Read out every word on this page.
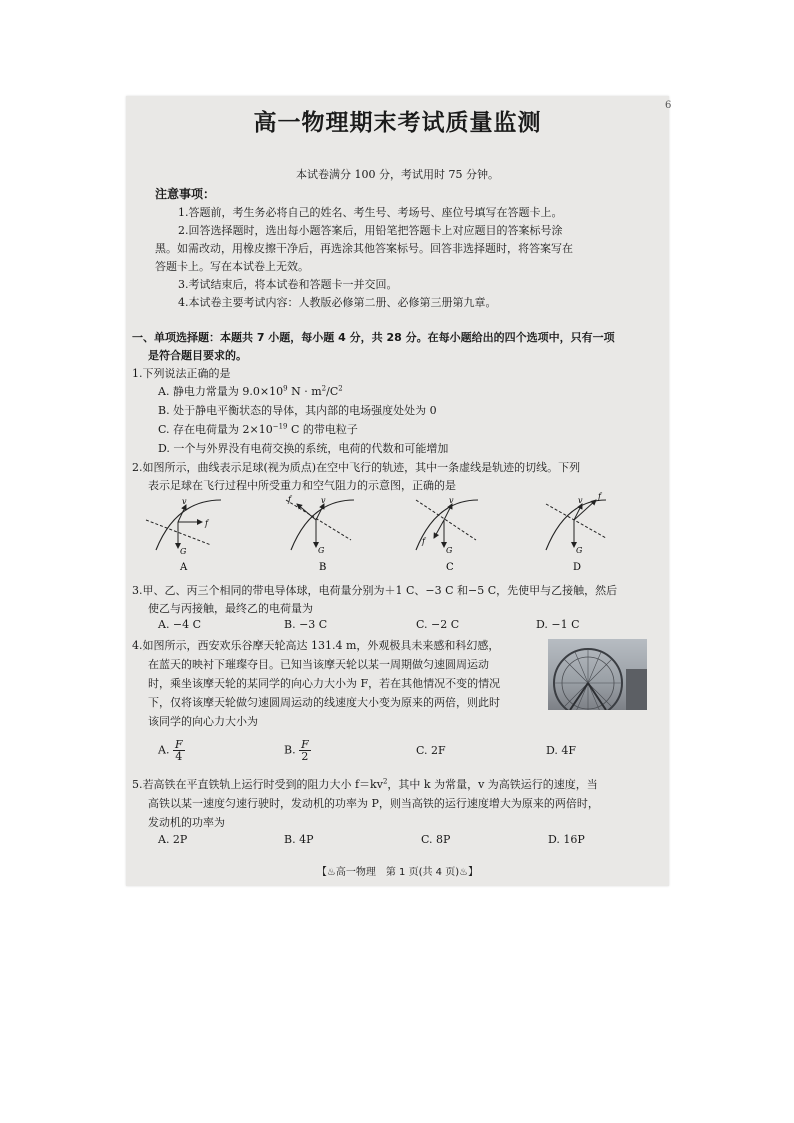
6
高一物理期末考试质量监测
本试卷满分 100 分，考试用时 75 分钟。
注意事项：
1.答题前，考生务必将自己的姓名、考生号、考场号、座位号填写在答题卡上。
2.回答选择题时，选出每小题答案后，用铅笔把答题卡上对应题目的答案标号涂
黑。如需改动，用橡皮擦干净后，再选涂其他答案标号。回答非选择题时，将答案写在
答题卡上。写在本试卷上无效。
3.考试结束后，将本试卷和答题卡一并交回。
4.本试卷主要考试内容：人教版必修第二册、必修第三册第九章。
一、单项选择题：本题共 7 小题，每小题 4 分，共 28 分。在每小题给出的四个选项中，只有一项
是符合题目要求的。
1.下列说法正确的是
A. 静电力常量为 $9.0\times 10^9$ $N \cdot m^2/C^2$
B. 处于静电平衡状态的导体，其内部的电场强度处处为 0
C. 存在电荷量为 $2\times 10^{-19}$ C 的带电粒子
D. 一个与外界没有电荷交换的系统，电荷的代数和可能增加
2.如图所示，曲线表示足球(视为质点)在空中飞行的轨迹，其中一条虚线是轨迹的切线。下列
表示足球在飞行过程中所受重力和空气阻力的示意图，正确的是
v
G
f
A
v
G
f
B
v
G
f
C
v
G
f
D
3.甲、乙、丙三个相同的带电导体球，电荷量分别为＋1 C、−3 C 和−5 C，先使甲与乙接触，然后
使乙与丙接触，最终乙的电荷量为
A. −4 C	B. −3 C	C. −2 C	D. −1 C
4.如图所示，西安欢乐谷摩天轮高达 131.4 m，外观极具未来感和科幻感，
在蓝天的映衬下璀璨夺目。已知当该摩天轮以某一周期做匀速圆周运动
时，乘坐该摩天轮的某同学的向心力大小为 F，若在其他情况不变的情况
下，仅将该摩天轮做匀速圆周运动的线速度大小变为原来的两倍，则此时
该同学的向心力大小为
A. $\frac{F}{4}$	B. $\frac{F}{2}$	C. 2F	D. 4F
5.若高铁在平直铁轨上运行时受到的阻力大小 $f=kv^2$，其中 k 为常量，v 为高铁运行的速度，当
高铁以某一速度匀速行驶时，发动机的功率为 P，则当高铁的运行速度增大为原来的两倍时，
发动机的功率为
A. 2P	B. 4P	C. 8P	D. 16P
【♨高一物理　第 1 页(共 4 页)♨】
